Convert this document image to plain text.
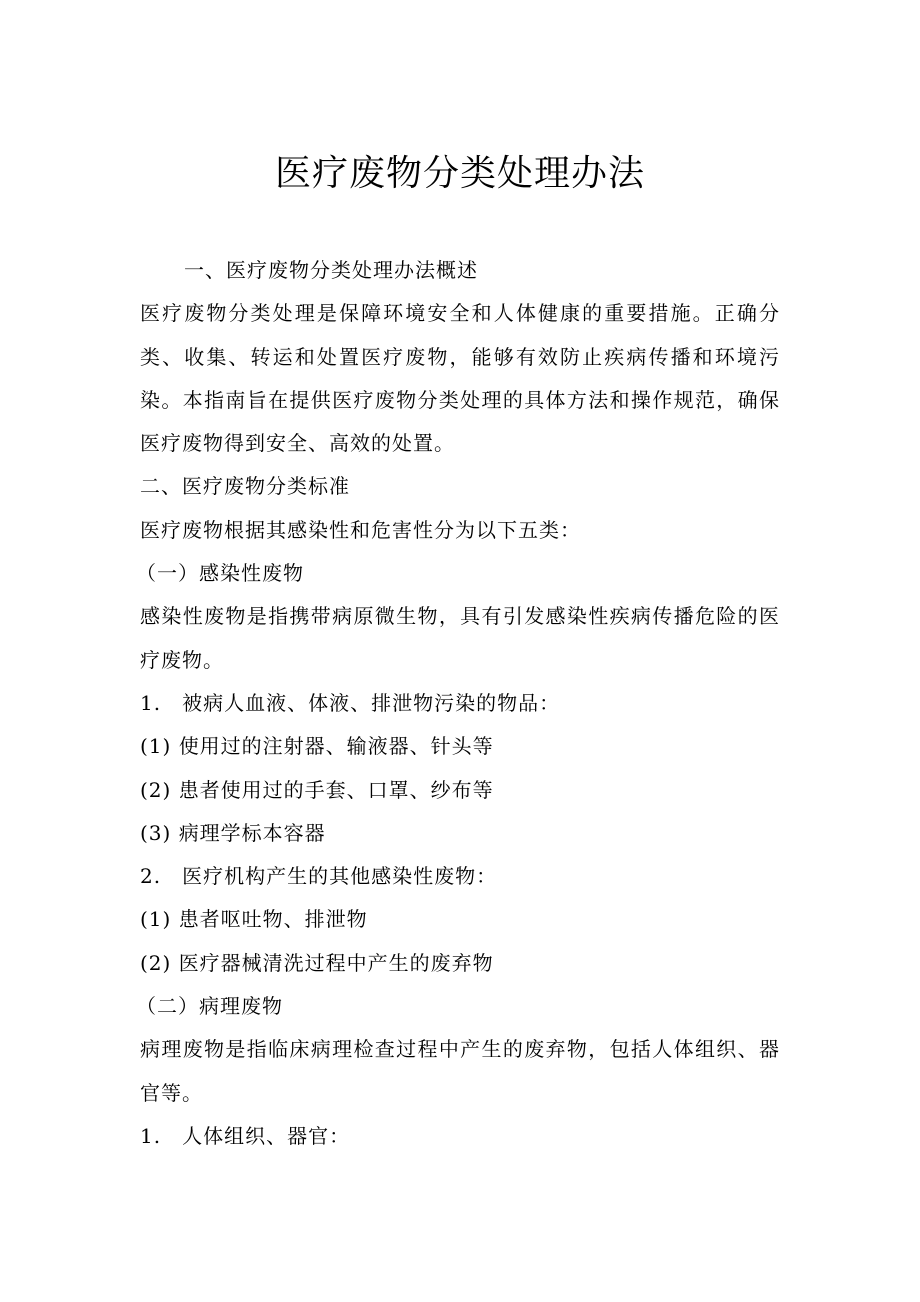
医疗废物分类处理办法

一、医疗废物分类处理办法概述

医疗废物分类处理是保障环境安全和人体健康的重要措施。正确分类、收集、转运和处置医疗废物，能够有效防止疾病传播和环境污染。本指南旨在提供医疗废物分类处理的具体方法和操作规范，确保医疗废物得到安全、高效的处置。

二、医疗废物分类标准

医疗废物根据其感染性和危害性分为以下五类：

（一）感染性废物

感染性废物是指携带病原微生物，具有引发感染性疾病传播危险的医疗废物。

1.　被病人血液、体液、排泄物污染的物品：

(1) 使用过的注射器、输液器、针头等

(2) 患者使用过的手套、口罩、纱布等

(3) 病理学标本容器

2.　医疗机构产生的其他感染性废物：

(1) 患者呕吐物、排泄物

(2) 医疗器械清洗过程中产生的废弃物

（二）病理废物

病理废物是指临床病理检查过程中产生的废弃物，包括人体组织、器官等。

1.　人体组织、器官：
